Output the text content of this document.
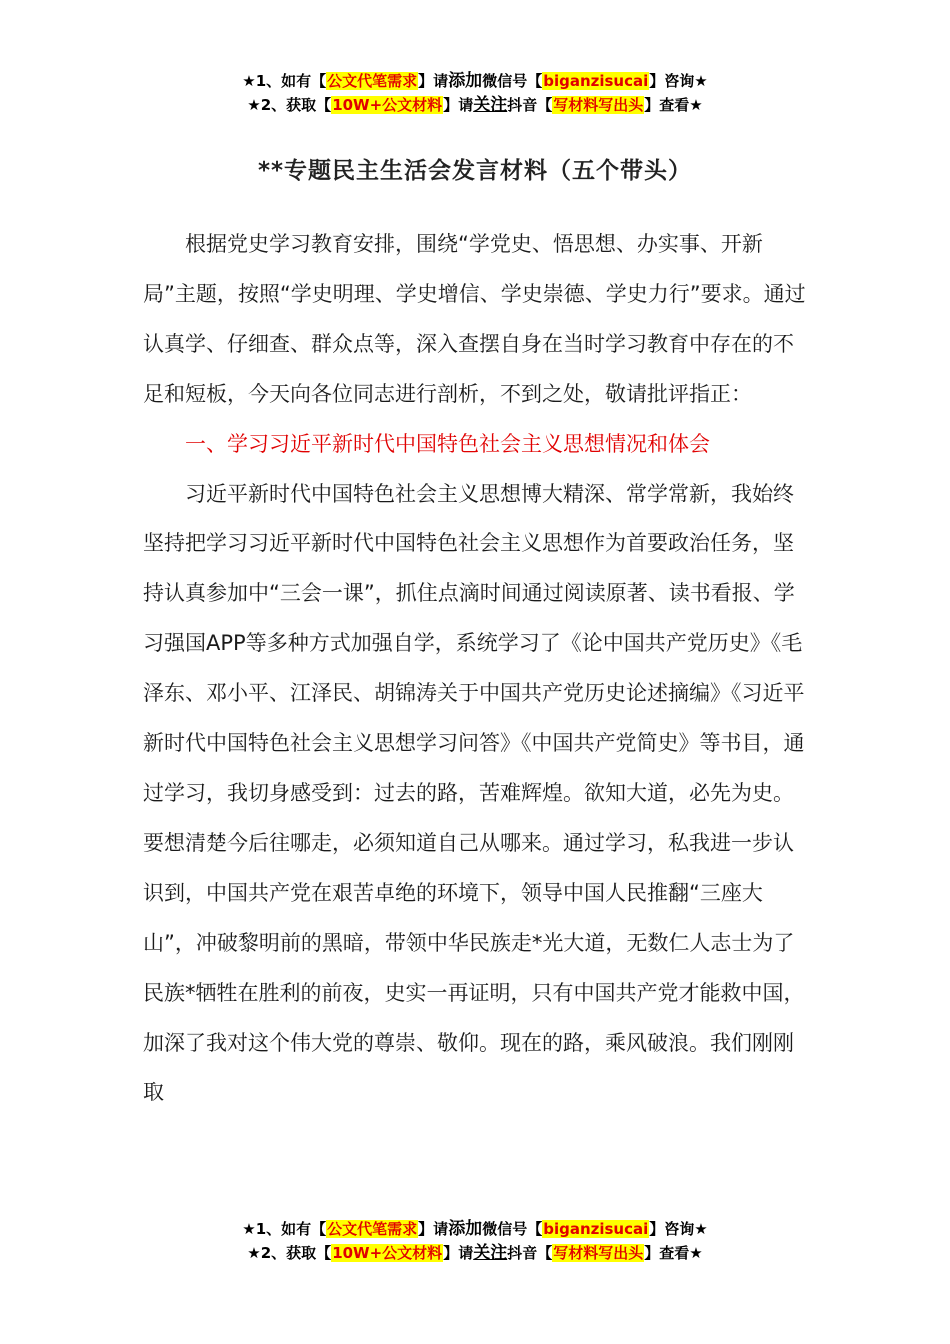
★1、如有【公文代笔需求】请添加微信号【biganzisucai】咨询★
★2、获取【10W+公文材料】请关注抖音【写材料写出头】查看★
**专题民主生活会发言材料（五个带头）

根据党史学习教育安排，围绕“学党史、悟思想、办实事、开新局”主题，按照“学史明理、学史增信、学史崇德、学史力行”要求。通过认真学、仔细查、群众点等，深入查摆自身在当时学习教育中存在的不足和短板，今天向各位同志进行剖析，不到之处，敬请批评指正：

一、学习习近平新时代中国特色社会主义思想情况和体会

习近平新时代中国特色社会主义思想博大精深、常学常新，我始终坚持把学习习近平新时代中国特色社会主义思想作为首要政治任务，坚持认真参加中“三会一课”，抓住点滴时间通过阅读原著、读书看报、学习强国APP等多种方式加强自学，系统学习了《论中国共产党历史》《毛泽东、邓小平、江泽民、胡锦涛关于中国共产党历史论述摘编》《习近平新时代中国特色社会主义思想学习问答》《中国共产党简史》等书目，通过学习，我切身感受到：过去的路，苦难辉煌。欲知大道，必先为史。要想清楚今后往哪走，必须知道自己从哪来。通过学习，私我进一步认识到，中国共产党在艰苦卓绝的环境下，领导中国人民推翻“三座大山”，冲破黎明前的黑暗，带领中华民族走*光大道，无数仁人志士为了民族*牺牲在胜利的前夜，史实一再证明，只有中国共产党才能救中国，加深了我对这个伟大党的尊崇、敬仰。现在的路，乘风破浪。我们刚刚取

★1、如有【公文代笔需求】请添加微信号【biganzisucai】咨询★
★2、获取【10W+公文材料】请关注抖音【写材料写出头】查看★
